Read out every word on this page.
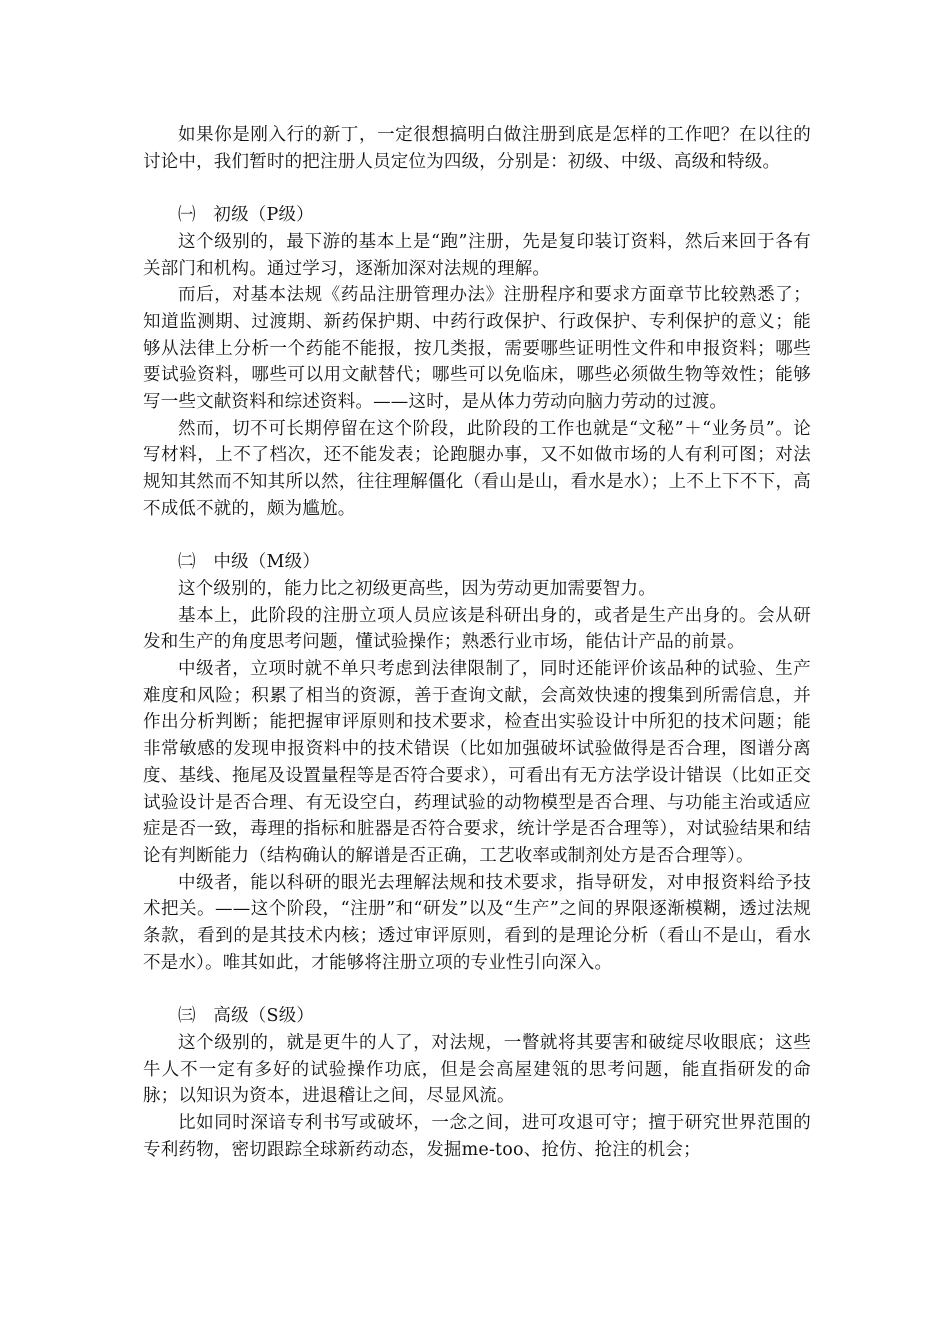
如果你是刚入行的新丁，一定很想搞明白做注册到底是怎样的工作吧？在以往的讨论中，我们暂时的把注册人员定位为四级，分别是：初级、中级、高级和特级。

㈠　初级（P级）

这个级别的，最下游的基本上是“跑”注册，先是复印装订资料，然后来回于各有关部门和机构。通过学习，逐渐加深对法规的理解。

而后，对基本法规《药品注册管理办法》注册程序和要求方面章节比较熟悉了；知道监测期、过渡期、新药保护期、中药行政保护、行政保护、专利保护的意义；能够从法律上分析一个药能不能报，按几类报，需要哪些证明性文件和申报资料；哪些要试验资料，哪些可以用文献替代；哪些可以免临床，哪些必须做生物等效性；能够写一些文献资料和综述资料。——这时，是从体力劳动向脑力劳动的过渡。

然而，切不可长期停留在这个阶段，此阶段的工作也就是“文秘”＋“业务员”。论写材料，上不了档次，还不能发表；论跑腿办事，又不如做市场的人有利可图；对法规知其然而不知其所以然，往往理解僵化（看山是山，看水是水）；上不上下不下，高不成低不就的，颇为尴尬。

㈡　中级（M级）

这个级别的，能力比之初级更高些，因为劳动更加需要智力。

基本上，此阶段的注册立项人员应该是科研出身的，或者是生产出身的。会从研发和生产的角度思考问题，懂试验操作；熟悉行业市场，能估计产品的前景。

中级者，立项时就不单只考虑到法律限制了，同时还能评价该品种的试验、生产难度和风险；积累了相当的资源，善于查询文献，会高效快速的搜集到所需信息，并作出分析判断；能把握审评原则和技术要求，检查出实验设计中所犯的技术问题；能非常敏感的发现申报资料中的技术错误（比如加强破坏试验做得是否合理，图谱分离度、基线、拖尾及设置量程等是否符合要求），可看出有无方法学设计错误（比如正交试验设计是否合理、有无设空白，药理试验的动物模型是否合理、与功能主治或适应症是否一致，毒理的指标和脏器是否符合要求，统计学是否合理等），对试验结果和结论有判断能力（结构确认的解谱是否正确，工艺收率或制剂处方是否合理等）。

中级者，能以科研的眼光去理解法规和技术要求，指导研发，对申报资料给予技术把关。——这个阶段，“注册”和“研发”以及“生产”之间的界限逐渐模糊，透过法规条款，看到的是其技术内核；透过审评原则，看到的是理论分析（看山不是山，看水不是水）。唯其如此，才能够将注册立项的专业性引向深入。

㈢　高级（S级）

这个级别的，就是更牛的人了，对法规，一瞥就将其要害和破绽尽收眼底；这些牛人不一定有多好的试验操作功底，但是会高屋建瓴的思考问题，能直指研发的命脉；以知识为资本，进退稽让之间，尽显风流。

比如同时深谙专利书写或破坏，一念之间，进可攻退可守；擅于研究世界范围的专利药物，密切跟踪全球新药动态，发掘me-too、抢仿、抢注的机会；
